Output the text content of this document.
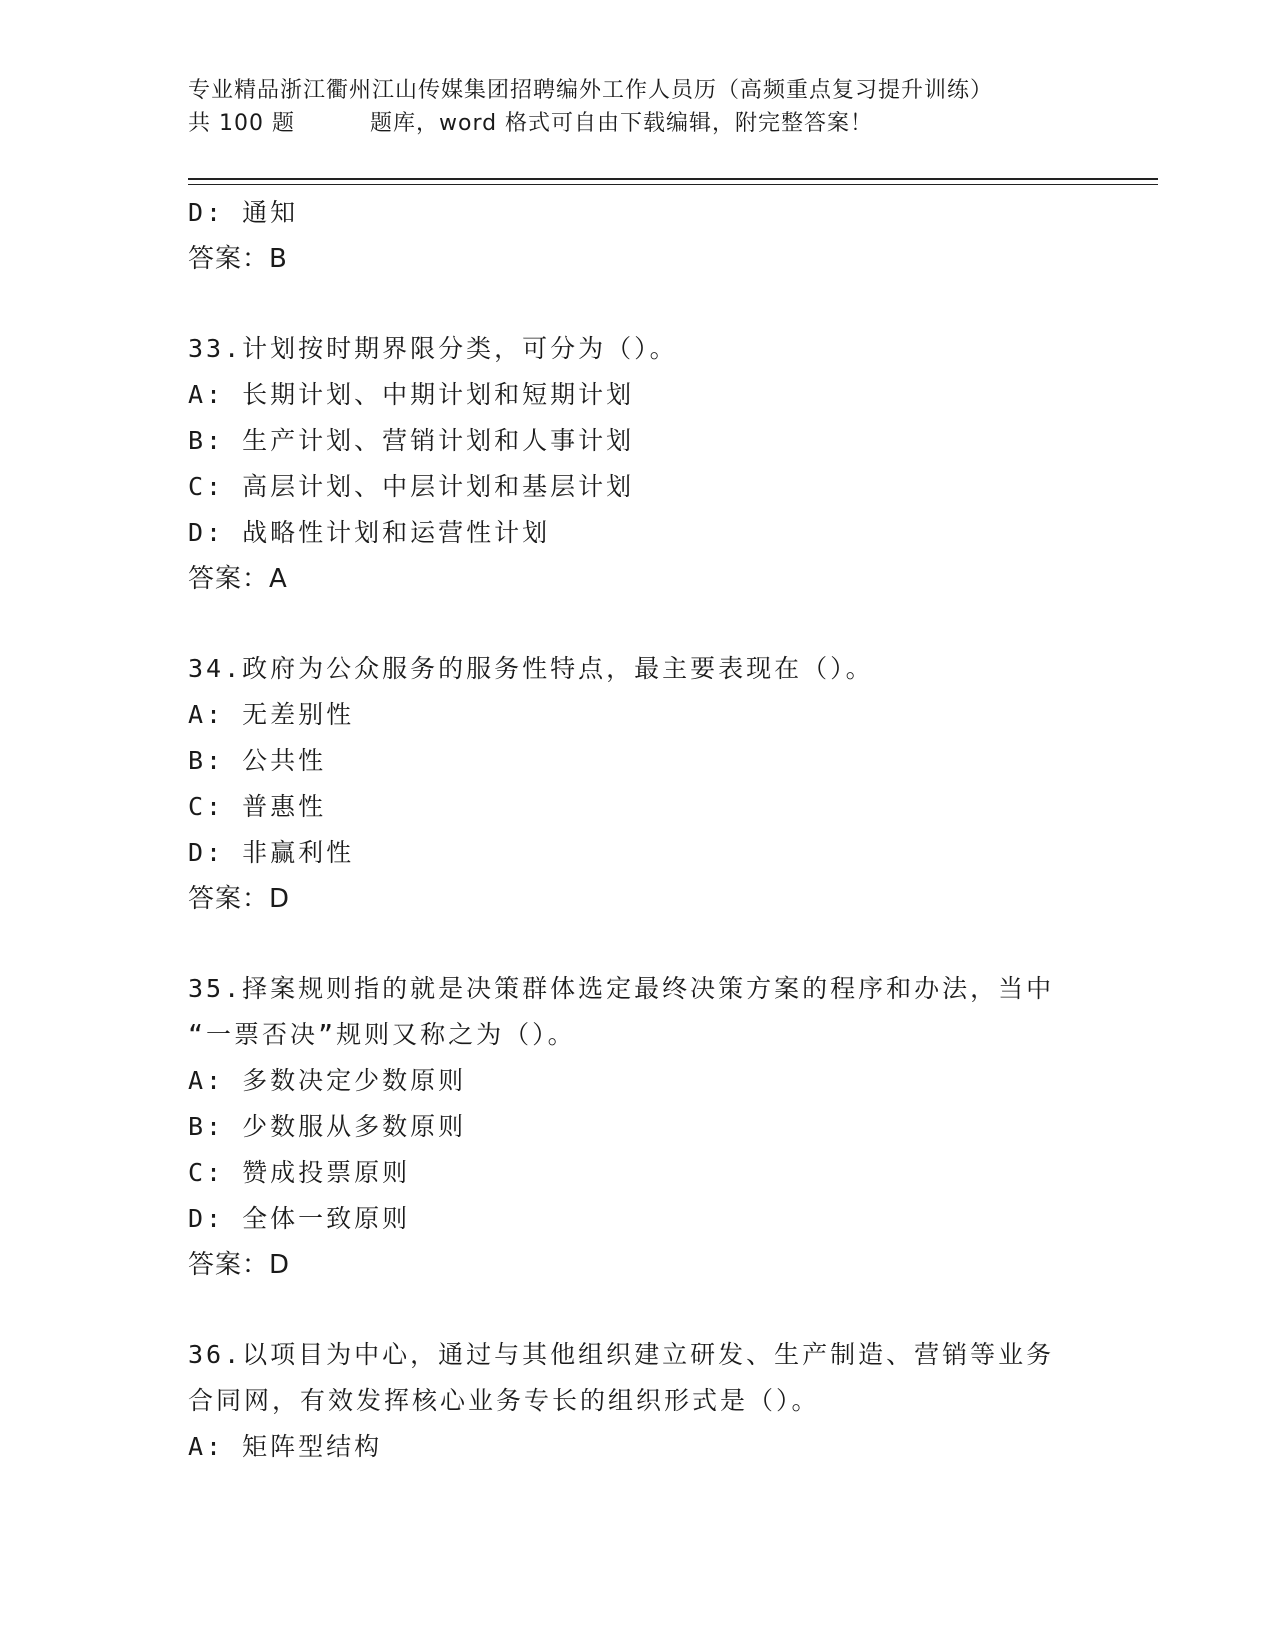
专业精品浙江衢州江山传媒集团招聘编外工作人员历（高频重点复习提升训练）
共 100 题	题库，word 格式可自由下载编辑，附完整答案！
D: 通知
答案：B
33.计划按时期界限分类，可分为（）。
A: 长期计划、中期计划和短期计划
B: 生产计划、营销计划和人事计划
C: 高层计划、中层计划和基层计划
D: 战略性计划和运营性计划
答案：A
34.政府为公众服务的服务性特点，最主要表现在（）。
A: 无差别性
B: 公共性
C: 普惠性
D: 非赢利性
答案：D
35.择案规则指的就是决策群体选定最终决策方案的程序和办法，当中
“一票否决”规则又称之为（）。
A: 多数决定少数原则
B: 少数服从多数原则
C: 赞成投票原则
D: 全体一致原则
答案：D
36.以项目为中心，通过与其他组织建立研发、生产制造、营销等业务
合同网，有效发挥核心业务专长的组织形式是（）。
A: 矩阵型结构
